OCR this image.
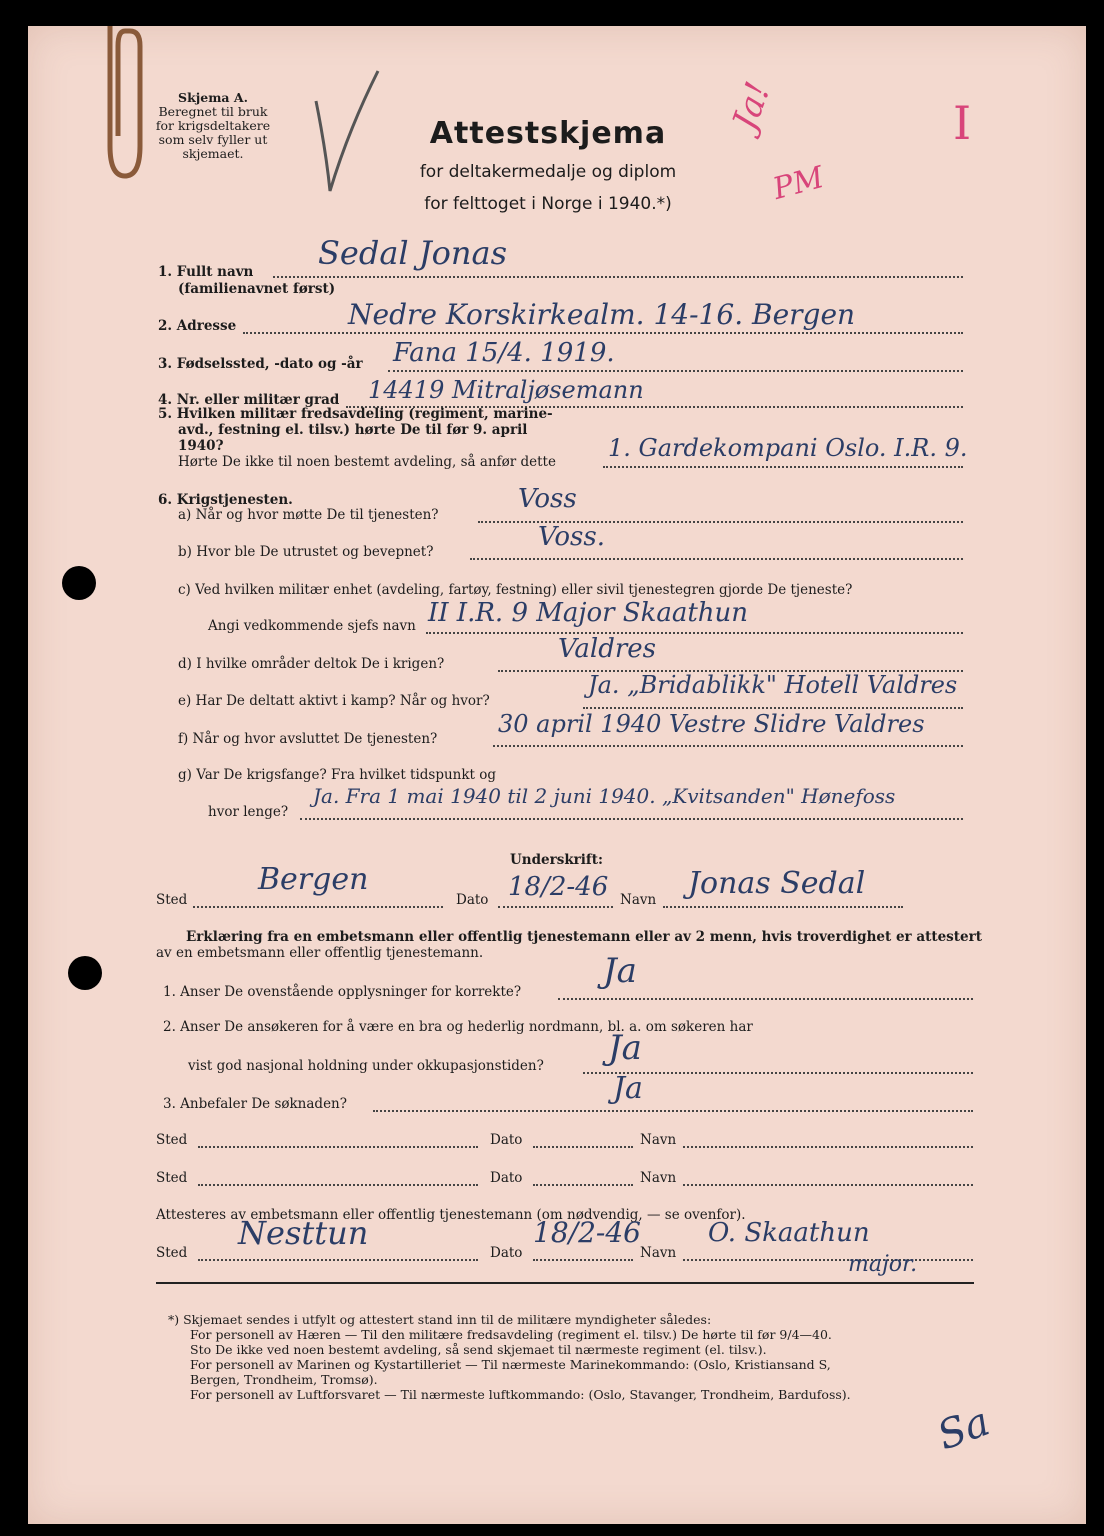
Skjema A.
Beregnet til bruk
for krigsdeltakere
som selv fyller ut
skjemaet.
Attestskjema
for deltakermedalje og diplom
for felttoget i Norge i 1940.*)
Ja!
PM
I
1. Fullt navn
(familienavnet først)
Sedal Jonas
2. Adresse	Nedre Korskirkealm. 14-16. Bergen
3. Fødselssted, -dato og -år Fana 15/4. 1919.
4. Nr. eller militær grad 14419 Mitraljøsemann
5. Hvilken militær fredsavdeling (regiment, marine-
avd., festning el. tilsv.) hørte De til før 9. april
1940?
Hørte De ikke til noen bestemt avdeling, så anfør dette 1. Gardekompani Oslo. I.R. 9.
6. Krigstjenesten.
a) Når og hvor møtte De til tjenesten?
Voss
b) Hvor ble De utrustet og bevepnet?	Voss.
c) Ved hvilken militær enhet (avdeling, fartøy, festning) eller sivil tjenestegren gjorde De tjeneste?
Angi vedkommende sjefs navn II I.R. 9 Major Skaathun
d) I hvilke områder deltok De i krigen?	Valdres
e) Har De deltatt aktivt i kamp? Når og hvor?
Ja. „Bridablikk" Hotell Valdres
f) Når og hvor avsluttet De tjenesten?
30 april 1940 Vestre Slidre Valdres
g) Var De krigsfange? Fra hvilket tidspunkt og
hvor lenge?
Ja. Fra 1 mai 1940 til 2 juni 1940. „Kvitsanden" Hønefoss
Underskrift:
Sted
Bergen
Dato 18/2-46 Navn Jonas Sedal
Erklæring fra en embetsmann eller offentlig tjenestemann eller av 2 menn, hvis troverdighet er attestert
av en embetsmann eller offentlig tjenestemann.
1. Anser De ovenstående opplysninger for korrekte?
Ja
2. Anser De ansøkeren for å være en bra og hederlig nordmann, bl. a. om søkeren har
vist god nasjonal holdning under okkupasjonstiden? Ja
3. Anbefaler De søknaden?	Ja
Sted	Dato	Navn
Sted	Dato	Navn
Attesteres av embetsmann eller offentlig tjenestemann (om nødvendig, — se ovenfor).
Sted
Nesttun
Dato
18/2-46
Navn
O. Skaathun
major.
*) Skjemaet sendes i utfylt og attestert stand inn til de militære myndigheter således:
For personell av Hæren — Til den militære fredsavdeling (regiment el. tilsv.) De hørte til før 9/4—40.
Sto De ikke ved noen bestemt avdeling, så send skjemaet til nærmeste regiment (el. tilsv.).
For personell av Marinen og Kystartilleriet — Til nærmeste Marinekommando: (Oslo, Kristiansand S,
Bergen, Trondheim, Tromsø).
For personell av Luftforsvaret — Til nærmeste luftkommando: (Oslo, Stavanger, Trondheim, Bardufoss).
Sa
